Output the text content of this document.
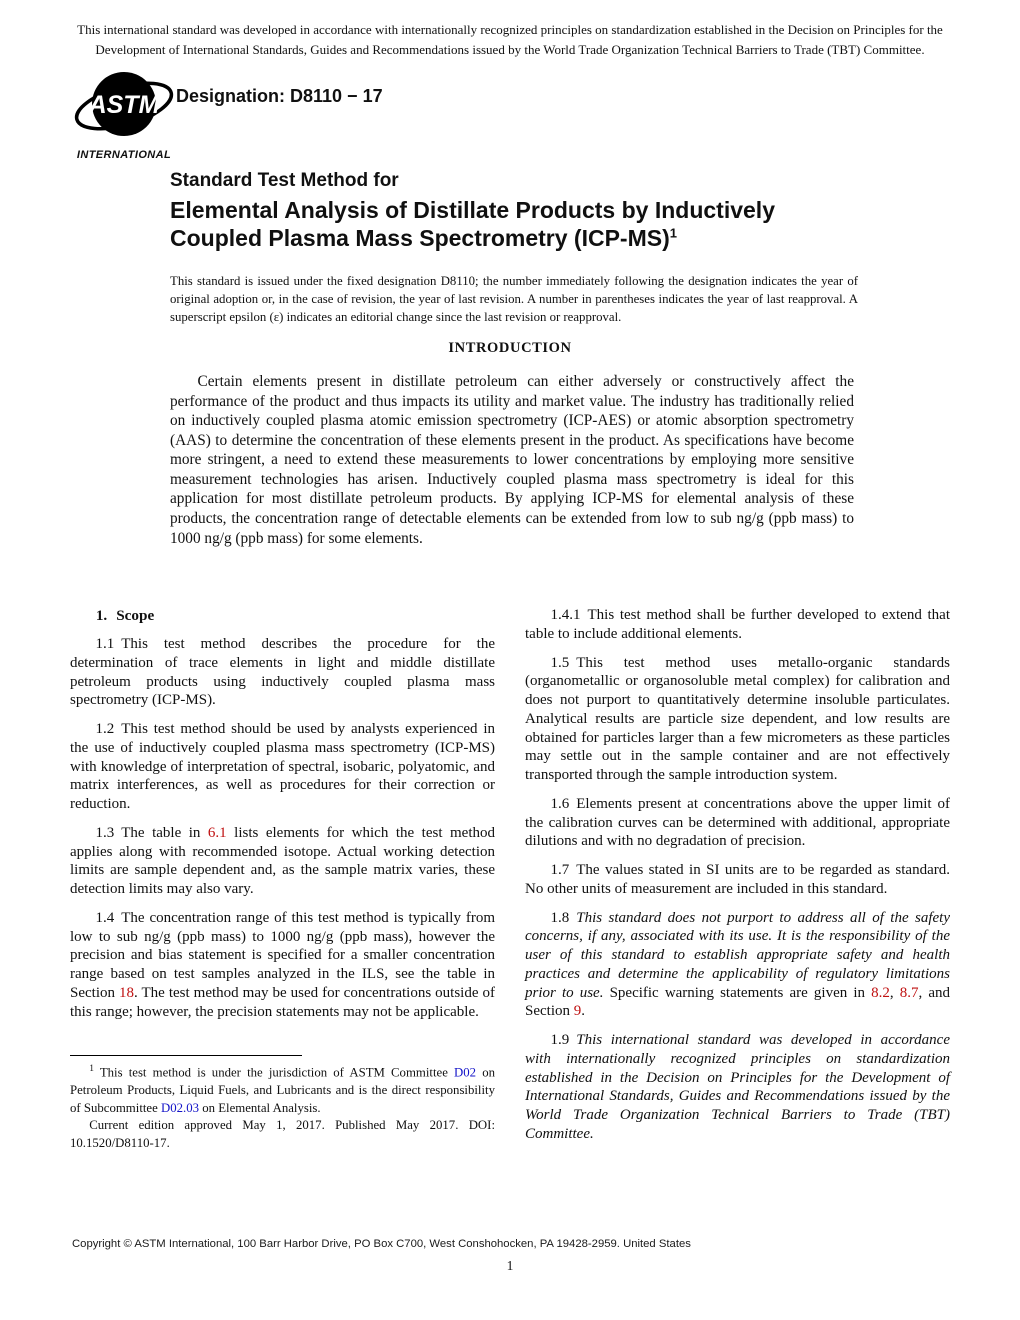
This international standard was developed in accordance with internationally recognized principles on standardization established in the Decision on Principles for the Development of International Standards, Guides and Recommendations issued by the World Trade Organization Technical Barriers to Trade (TBT) Committee.
ASTM
INTERNATIONAL
Designation: D8110 − 17

Standard Test Method for

Elemental Analysis of Distillate Products by Inductively Coupled Plasma Mass Spectrometry $(ICP-MS)^1$

This standard is issued under the fixed designation D8110; the number immediately following the designation indicates the year of original adoption or, in the case of revision, the year of last revision. A number in parentheses indicates the year of last reapproval. A superscript epsilon (ε) indicates an editorial change since the last revision or reapproval.

INTRODUCTION

Certain elements present in distillate petroleum can either adversely or constructively affect the performance of the product and thus impacts its utility and market value. The industry has traditionally relied on inductively coupled plasma atomic emission spectrometry (ICP-AES) or atomic absorption spectrometry (AAS) to determine the concentration of these elements present in the product. As specifications have become more stringent, a need to extend these measurements to lower concentrations by employing more sensitive measurement technologies has arisen. Inductively coupled plasma mass spectrometry is ideal for this application for most distillate petroleum products. By applying ICP-MS for elemental analysis of these products, the concentration range of detectable elements can be extended from low to sub ng/g (ppb mass) to 1000 ng/g (ppb mass) for some elements.

1. Scope

1.1 This test method describes the procedure for the determination of trace elements in light and middle distillate petroleum products using inductively coupled plasma mass spectrometry (ICP-MS).

1.2 This test method should be used by analysts experienced in the use of inductively coupled plasma mass spectrometry (ICP-MS) with knowledge of interpretation of spectral, isobaric, polyatomic, and matrix interferences, as well as procedures for their correction or reduction.

1.3 The table in 6.1 lists elements for which the test method applies along with recommended isotope. Actual working detection limits are sample dependent and, as the sample matrix varies, these detection limits may also vary.

1.4 The concentration range of this test method is typically from low to sub ng/g (ppb mass) to 1000 ng/g (ppb mass), however the precision and bias statement is specified for a smaller concentration range based on test samples analyzed in the ILS, see the table in Section 18. The test method may be used for concentrations outside of this range; however, the precision statements may not be applicable.

$^1$ This test method is under the jurisdiction of ASTM Committee D02 on Petroleum Products, Liquid Fuels, and Lubricants and is the direct responsibility of Subcommittee D02.03 on Elemental Analysis.

Current edition approved May 1, 2017. Published May 2017. DOI: 10.1520/D8110-17.

1.4.1 This test method shall be further developed to extend that table to include additional elements.

1.5 This test method uses metallo-organic standards (organometallic or organosoluble metal complex) for calibration and does not purport to quantitatively determine insoluble particulates. Analytical results are particle size dependent, and low results are obtained for particles larger than a few micrometers as these particles may settle out in the sample container and are not effectively transported through the sample introduction system.

1.6 Elements present at concentrations above the upper limit of the calibration curves can be determined with additional, appropriate dilutions and with no degradation of precision.

1.7 The values stated in SI units are to be regarded as standard. No other units of measurement are included in this standard.

1.8 This standard does not purport to address all of the safety concerns, if any, associated with its use. It is the responsibility of the user of this standard to establish appropriate safety and health practices and determine the applicability of regulatory limitations prior to use. Specific warning statements are given in 8.2, 8.7, and Section 9.

1.9 This international standard was developed in accordance with internationally recognized principles on standardization established in the Decision on Principles for the Development of International Standards, Guides and Recommendations issued by the World Trade Organization Technical Barriers to Trade (TBT) Committee.

Copyright © ASTM International, 100 Barr Harbor Drive, PO Box C700, West Conshohocken, PA 19428-2959. United States
1
